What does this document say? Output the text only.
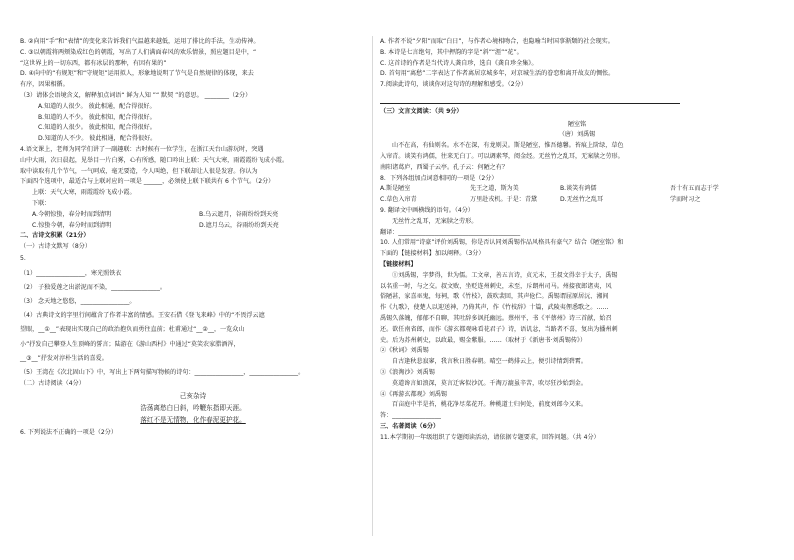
B. ②向用“手”和“表情”的变化来告诉我们气温越来越低，运用了排比的手法，生动传神。

C. ③以朝霞将两颊染成红色的朝霞，写出了人们满面春风的欢乐情景，照应题目是中，“

“这世界上的一切东西，都有冰层的那种，有因有果的”

D. ④向中的“有规矩”和“守规矩”运用拟人，形象地说明了节气是自然规律的体现，来去

有序，因果相循。

（3）请体会语境含义，解释加点词语“ 鲜为人知 ”“ 默契 ”的意思。 ________（2分）

A.知道的人很少。 彼此相通，配合得很好。

B.知道的人不少。 彼此相知，配合得很好。

C.知道的人很少。 彼此相知，配合得很好。

D.知道的人不少。 彼此相通，配合得很好。

4.语文课上，老师为同学们讲了一副趣联：古时候有一位学生，在浙江天台山游玩时，突遇

山中大雨，次日晨起，见举目一片白雾，心有所感，随口吟出上联：天气大寒，雨霞霞纷飞成小霞。

取中读取有几个节气，一气呵成，毫无要造，令人叫绝，但下联却让人很是发窘。你认为

下面四个选项中，最适合与上联对应的一项是 ______，必须使上联下联共有 6 个节气。（2分）

上联：天气大寒，雨霞霞纷飞成小霞。

下联：

A.今朝惊蛰，春分时而到清明	B.乌云遮月，谷雨纷纷到天亮
C.惊蛰今朝，春分时而到清明	D.遮月乌云，谷雨纷纷到天亮

二、古诗文积累（21分）

（一）古诗文默写（8分）

5.

（1）________________，寒光照铁衣

（2） 子独爱莲之出淤泥而不染，________________。

（3） 念天地之悠悠，________________。

（4）古典诗文的字里行间蕴含了作者丰富的情感。王安石借《登飞来峰》中的“不畏浮云遮

望眼，__①__”表现出实现自己的政治抱负而勇往直前；杜甫通过“__②__，一览众山

小”抒发自己攀登人生顶峰的誓言；陆游在《游山西村》中通过“莫笑农家腊酒浑，

__③__”抒发对淳朴生活的喜爱。

（5）王湾在《次北固山下》中，写出上下两句描写物候的诗句：________________，________________。

（二）古诗阅读（4分）

己亥杂诗

浩荡离愁白日斜，吟鞭东指即天涯。

落红不是无情物，化作春泥更护花。

6. 下列说法不正确的一项是（2分）

A. 作者不说“夕阳”而取“白日”，与作者心境相吻合，也隐喻当时国事渐颓的社会现实。

B. 本诗是七言绝句，其中押韵的字是“斜”“涯”“花”。

C. 这首诗的作者是当代诗人龚自珍，选自《龚自珍全集》。

D. 首句用“离愁”二字表达了作者离居京城多年，对京城生活的眷恋和离开故友的惆怅。

7.阅读此诗句，谈谈你对这句诗的理解和感受。（2分）

（三）文言文阅读：（共 9分）

陋室铭

（唐）刘禹锡

山不在高，有仙则名。水不在深，有龙则灵。斯是陋室，惟吾德馨。苔痕上阶绿，草色

入帘青。谈笑有鸿儒，往来无白丁。可以调素琴，阅金经。无丝竹之乱耳，无案牍之劳形。

南阳诸葛庐，西蜀子云亭。孔子云：何陋之有？

8．下列各组加点词意相同的一项是（2分）

A.斯是陋室	先王之道，斯为美	B.谈笑有鸿儒	吾十有五而志于学
C.草色入帘青	万里赴戎机。于是：青黛	D.无丝竹之乱耳	学而时习之

9. 翻译文中画横线的语句。（4分）

无丝竹之乱耳，无案牍之劳形。

翻译：________________________________________

10. 人们常用“诗豪”评价刘禹锡，你是否认同刘禹锡作品风格具有豪气？结合《陋室铭》和

下面的【链接材料】加以阐释。（3分）

【链接材料】

①刘禹锡，字梦得，世为儒。工文章，善五言诗，贞元末，王叔文得幸于太子，禹锡

以名重一时，与之交。叔文败，坐贬连州刺史，未至，斥朗州司马。州接夜郎诸夷，风

俗陋甚，家喜巫鬼，每祠，歌《竹枝》，鼓吹裴回，其声伧伫。禹锡谓屈原居沅、湘间

作《九歌》，使楚人以迎送神，乃倚其声，作《竹枝辞》十篇，武陵夷俚悉歌之。……

禹锡久落魄，郁郁不自聊，其吐辞多讽托幽远。蔡州平，书《平蔡州》诗三首献，始召

还。欲任南省郎，而作《游玄都观咏看花君子》诗，语讥忿，当路者不喜，复出为播州刺

史。后为苏州刺史，以政最，赐金紫服。……（取材于《新唐书·刘禹锡传》）

②《秋词》刘禹锡

自古逢秋悲寂寥，我言秋日胜春朝。晴空一鹤排云上，便引诗情到碧霄。

③《浪淘沙》刘禹锡

莫道谗言如浪深，莫言迁客似沙沉。千淘万漉虽辛苦，吹尽狂沙始到金。

④《再游玄都观》刘禹锡

百亩庭中半是苔，桃花净尽菜花开。种桃道士归何处，前度刘郎今又来。

答：________________

三、名著阅读（6分）

11.本学期初一年级组织了专题阅读活动，请依据专题要求，回答问题。（共 4分）
